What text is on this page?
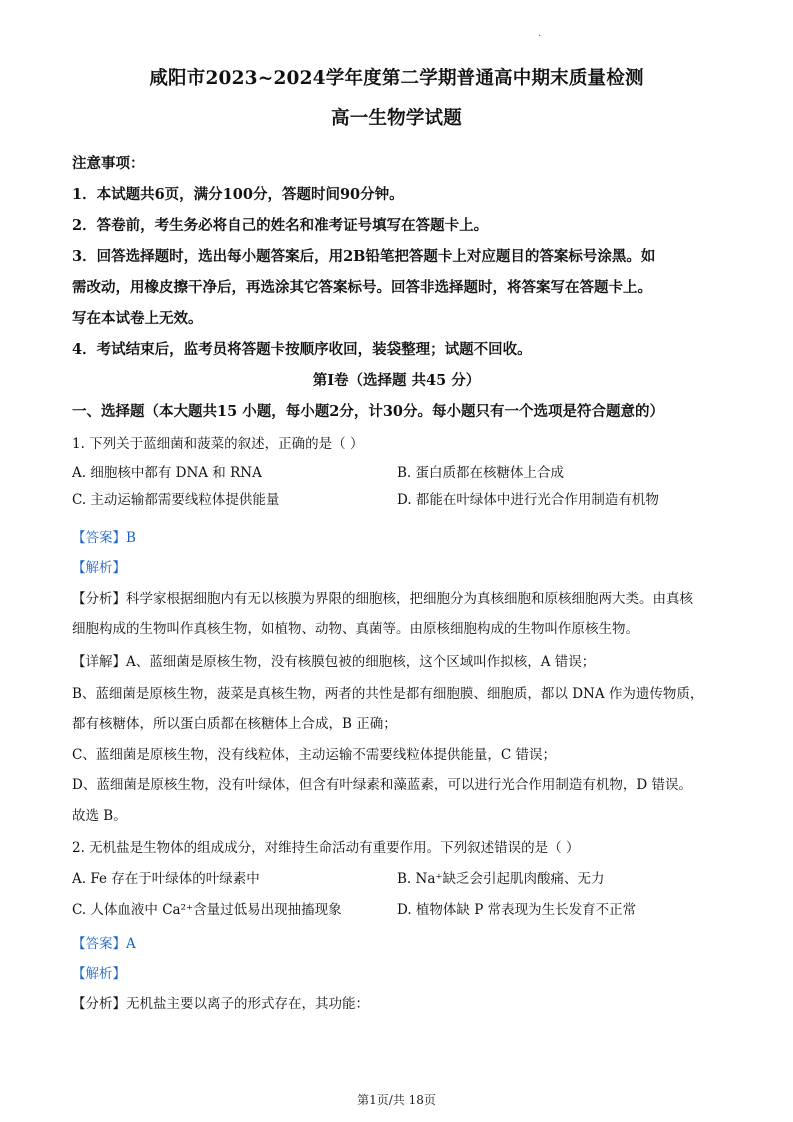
.
咸阳市2023~2024学年度第二学期普通高中期末质量检测
高一生物学试题
注意事项：
1．本试题共6页，满分100分，答题时间90分钟。
2．答卷前，考生务必将自己的姓名和准考证号填写在答题卡上。
3．回答选择题时，选出每小题答案后，用2B铅笔把答题卡上对应题目的答案标号涂黑。如
需改动，用橡皮擦干净后，再选涂其它答案标号。回答非选择题时，将答案写在答题卡上。
写在本试卷上无效。
4．考试结束后，监考员将答题卡按顺序收回，装袋整理；试题不回收。
第Ⅰ卷（选择题 共45 分）
一、选择题（本大题共15 小题，每小题2分，计30分。每小题只有一个选项是符合题意的）
1. 下列关于蓝细菌和菠菜的叙述，正确的是（ ）
A. 细胞核中都有 DNA 和 RNA	B. 蛋白质都在核糖体上合成
C. 主动运输都需要线粒体提供能量	D. 都能在叶绿体中进行光合作用制造有机物
【答案】B
【解析】
【分析】科学家根据细胞内有无以核膜为界限的细胞核，把细胞分为真核细胞和原核细胞两大类。由真核
细胞构成的生物叫作真核生物，如植物、动物、真菌等。由原核细胞构成的生物叫作原核生物。
【详解】A、蓝细菌是原核生物，没有核膜包被的细胞核，这个区域叫作拟核，A 错误；
B、蓝细菌是原核生物，菠菜是真核生物，两者的共性是都有细胞膜、细胞质，都以 DNA 作为遗传物质，
都有核糖体，所以蛋白质都在核糖体上合成，B 正确；
C、蓝细菌是原核生物，没有线粒体，主动运输不需要线粒体提供能量，C 错误；
D、蓝细菌是原核生物，没有叶绿体，但含有叶绿素和藻蓝素，可以进行光合作用制造有机物，D 错误。
故选 B。
2. 无机盐是生物体的组成成分，对维持生命活动有重要作用。下列叙述错误的是（ ）
A. Fe 存在于叶绿体的叶绿素中	B. Na⁺缺乏会引起肌肉酸痛、无力
C. 人体血液中 Ca²⁺含量过低易出现抽搐现象	D. 植物体缺 P 常表现为生长发育不正常
【答案】A
【解析】
【分析】无机盐主要以离子的形式存在，其功能：
第1页/共 18页
